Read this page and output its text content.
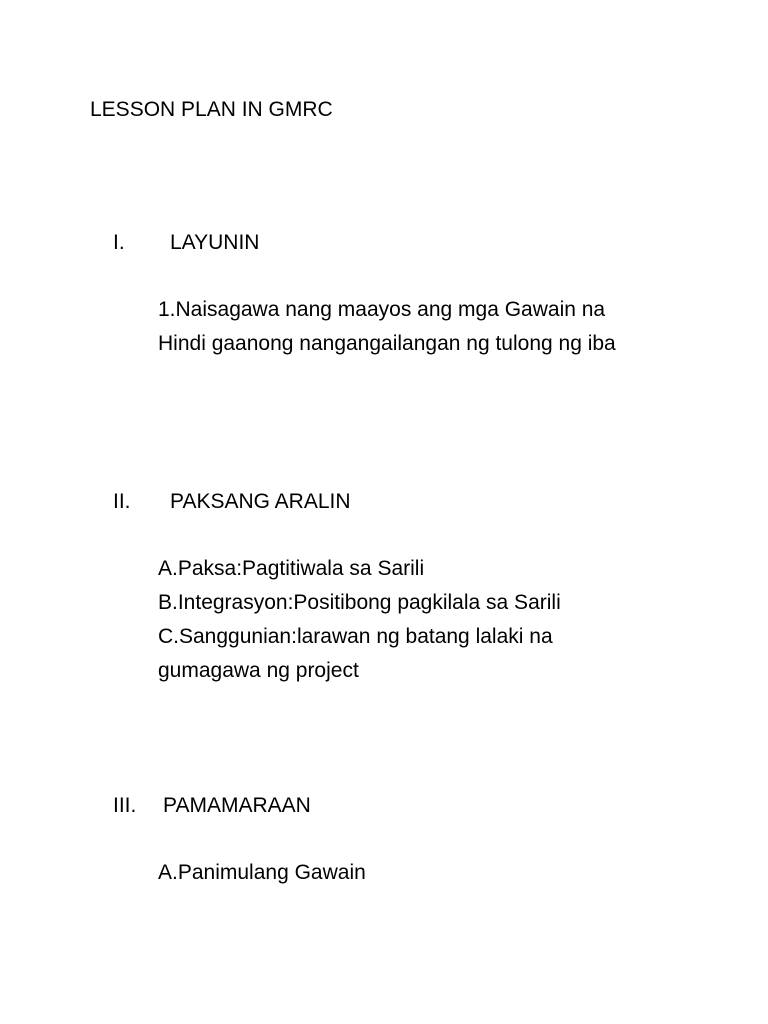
LESSON PLAN IN GMRC
I. LAYUNIN
1.Naisagawa nang maayos ang mga Gawain na
Hindi gaanong nangangailangan ng tulong ng iba
II. PAKSANG ARALIN
A.Paksa:Pagtitiwala sa Sarili
B.Integrasyon:Positibong pagkilala sa Sarili
C.Sanggunian:larawan ng batang lalaki na
gumagawa ng project
III. PAMAMARAAN
A.Panimulang Gawain
